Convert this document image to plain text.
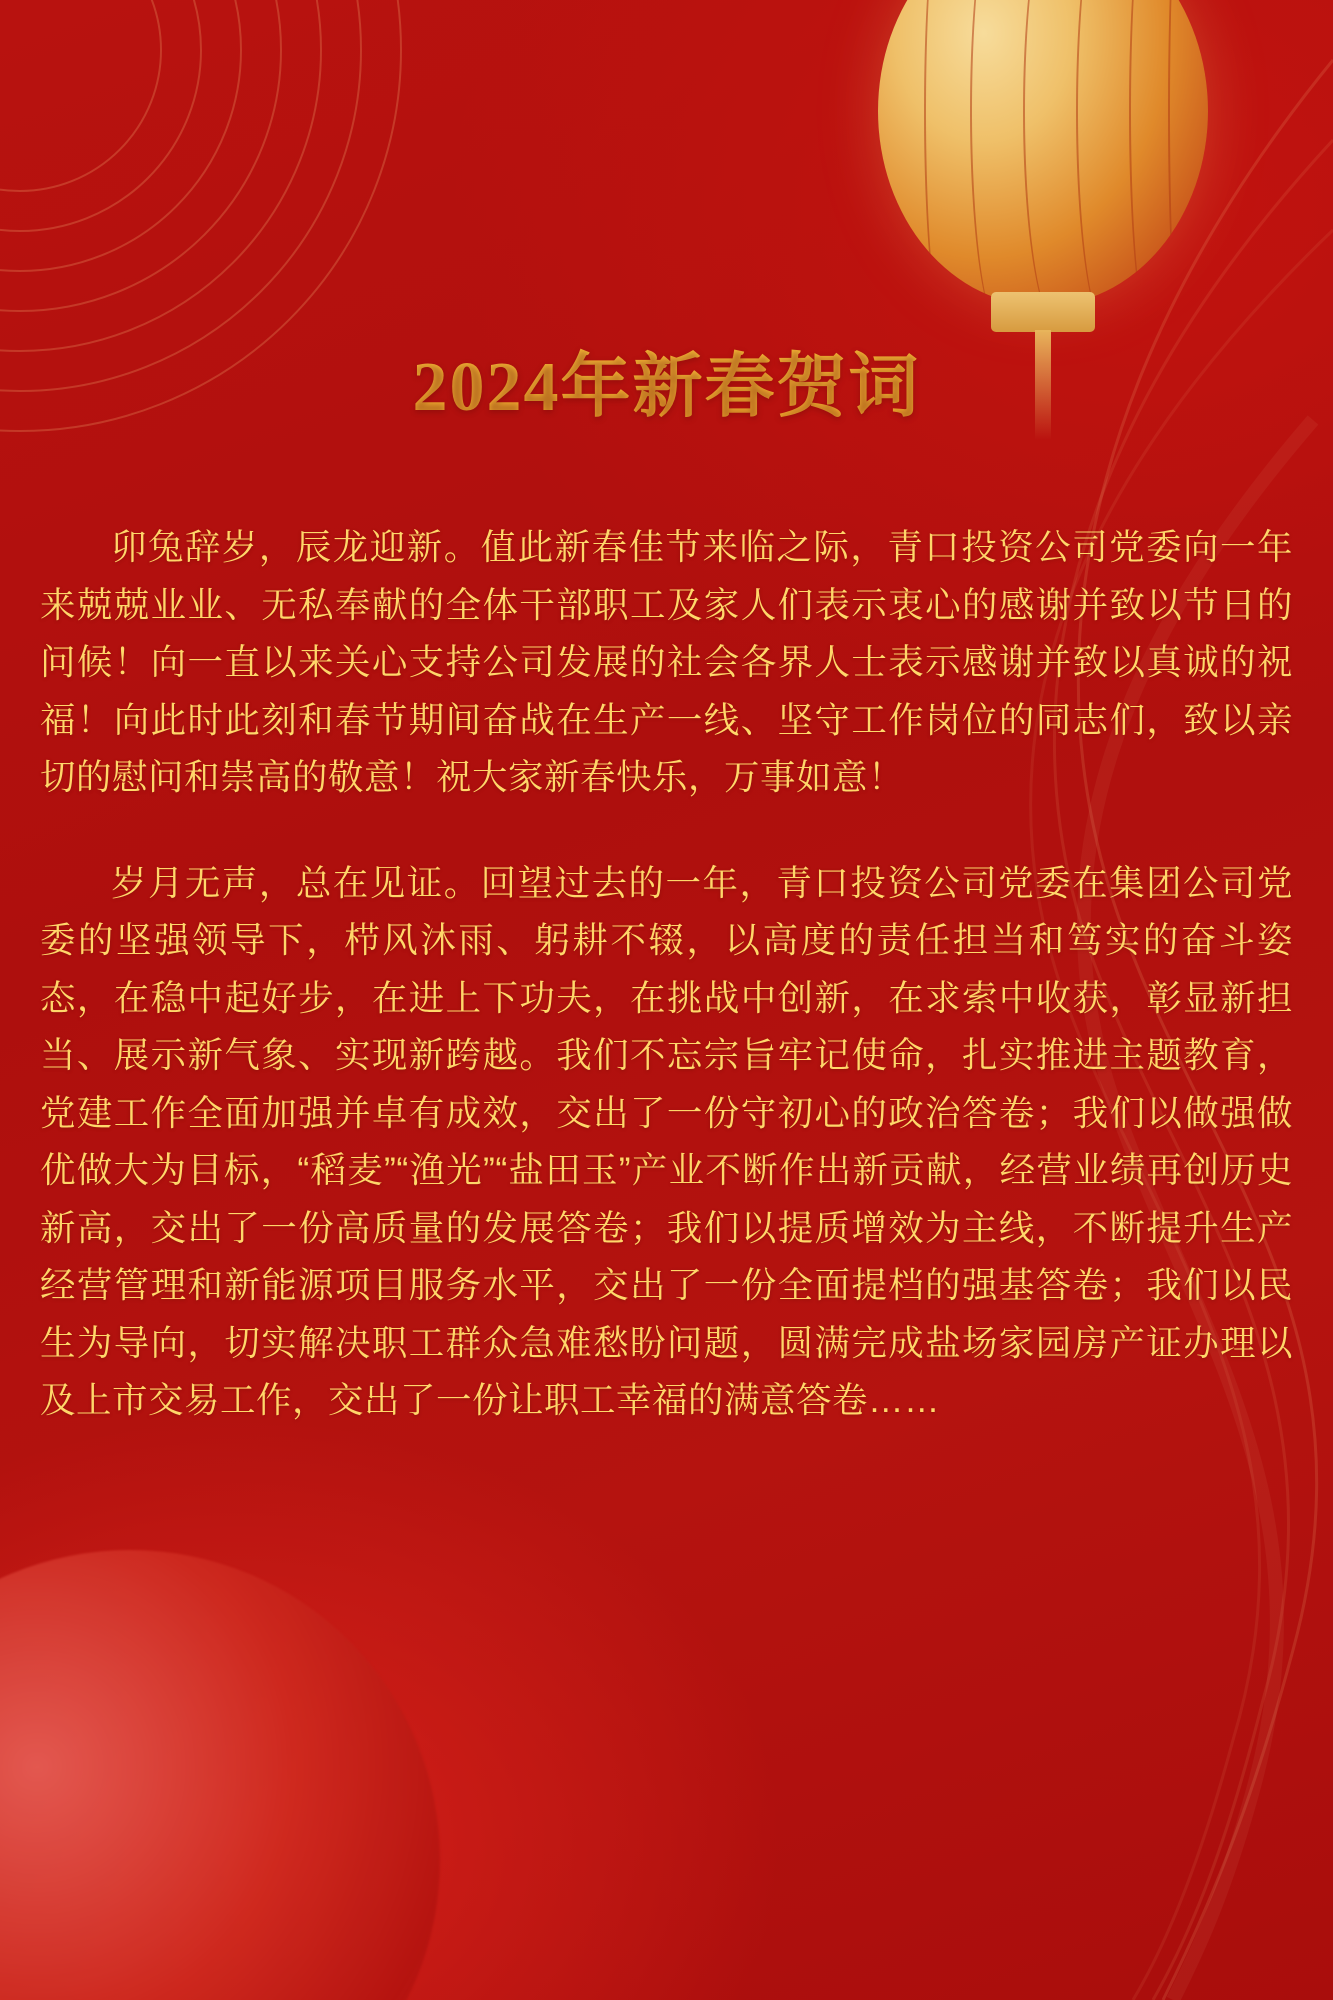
2024年新春贺词

卯兔辞岁，辰龙迎新。值此新春佳节来临之际，青口投资公司党委向一年来兢兢业业、无私奉献的全体干部职工及家人们表示衷心的感谢并致以节日的问候！向一直以来关心支持公司发展的社会各界人士表示感谢并致以真诚的祝福！向此时此刻和春节期间奋战在生产一线、坚守工作岗位的同志们，致以亲切的慰问和崇高的敬意！祝大家新春快乐，万事如意！

岁月无声，总在见证。回望过去的一年，青口投资公司党委在集团公司党委的坚强领导下，栉风沐雨、躬耕不辍，以高度的责任担当和笃实的奋斗姿态，在稳中起好步，在进上下功夫，在挑战中创新，在求索中收获，彰显新担当、展示新气象、实现新跨越。我们不忘宗旨牢记使命，扎实推进主题教育，党建工作全面加强并卓有成效，交出了一份守初心的政治答卷；我们以做强做优做大为目标，“稻麦”“渔光”“盐田玉”产业不断作出新贡献，经营业绩再创历史新高，交出了一份高质量的发展答卷；我们以提质增效为主线，不断提升生产经营管理和新能源项目服务水平，交出了一份全面提档的强基答卷；我们以民生为导向，切实解决职工群众急难愁盼问题，圆满完成盐场家园房产证办理以及上市交易工作，交出了一份让职工幸福的满意答卷……
